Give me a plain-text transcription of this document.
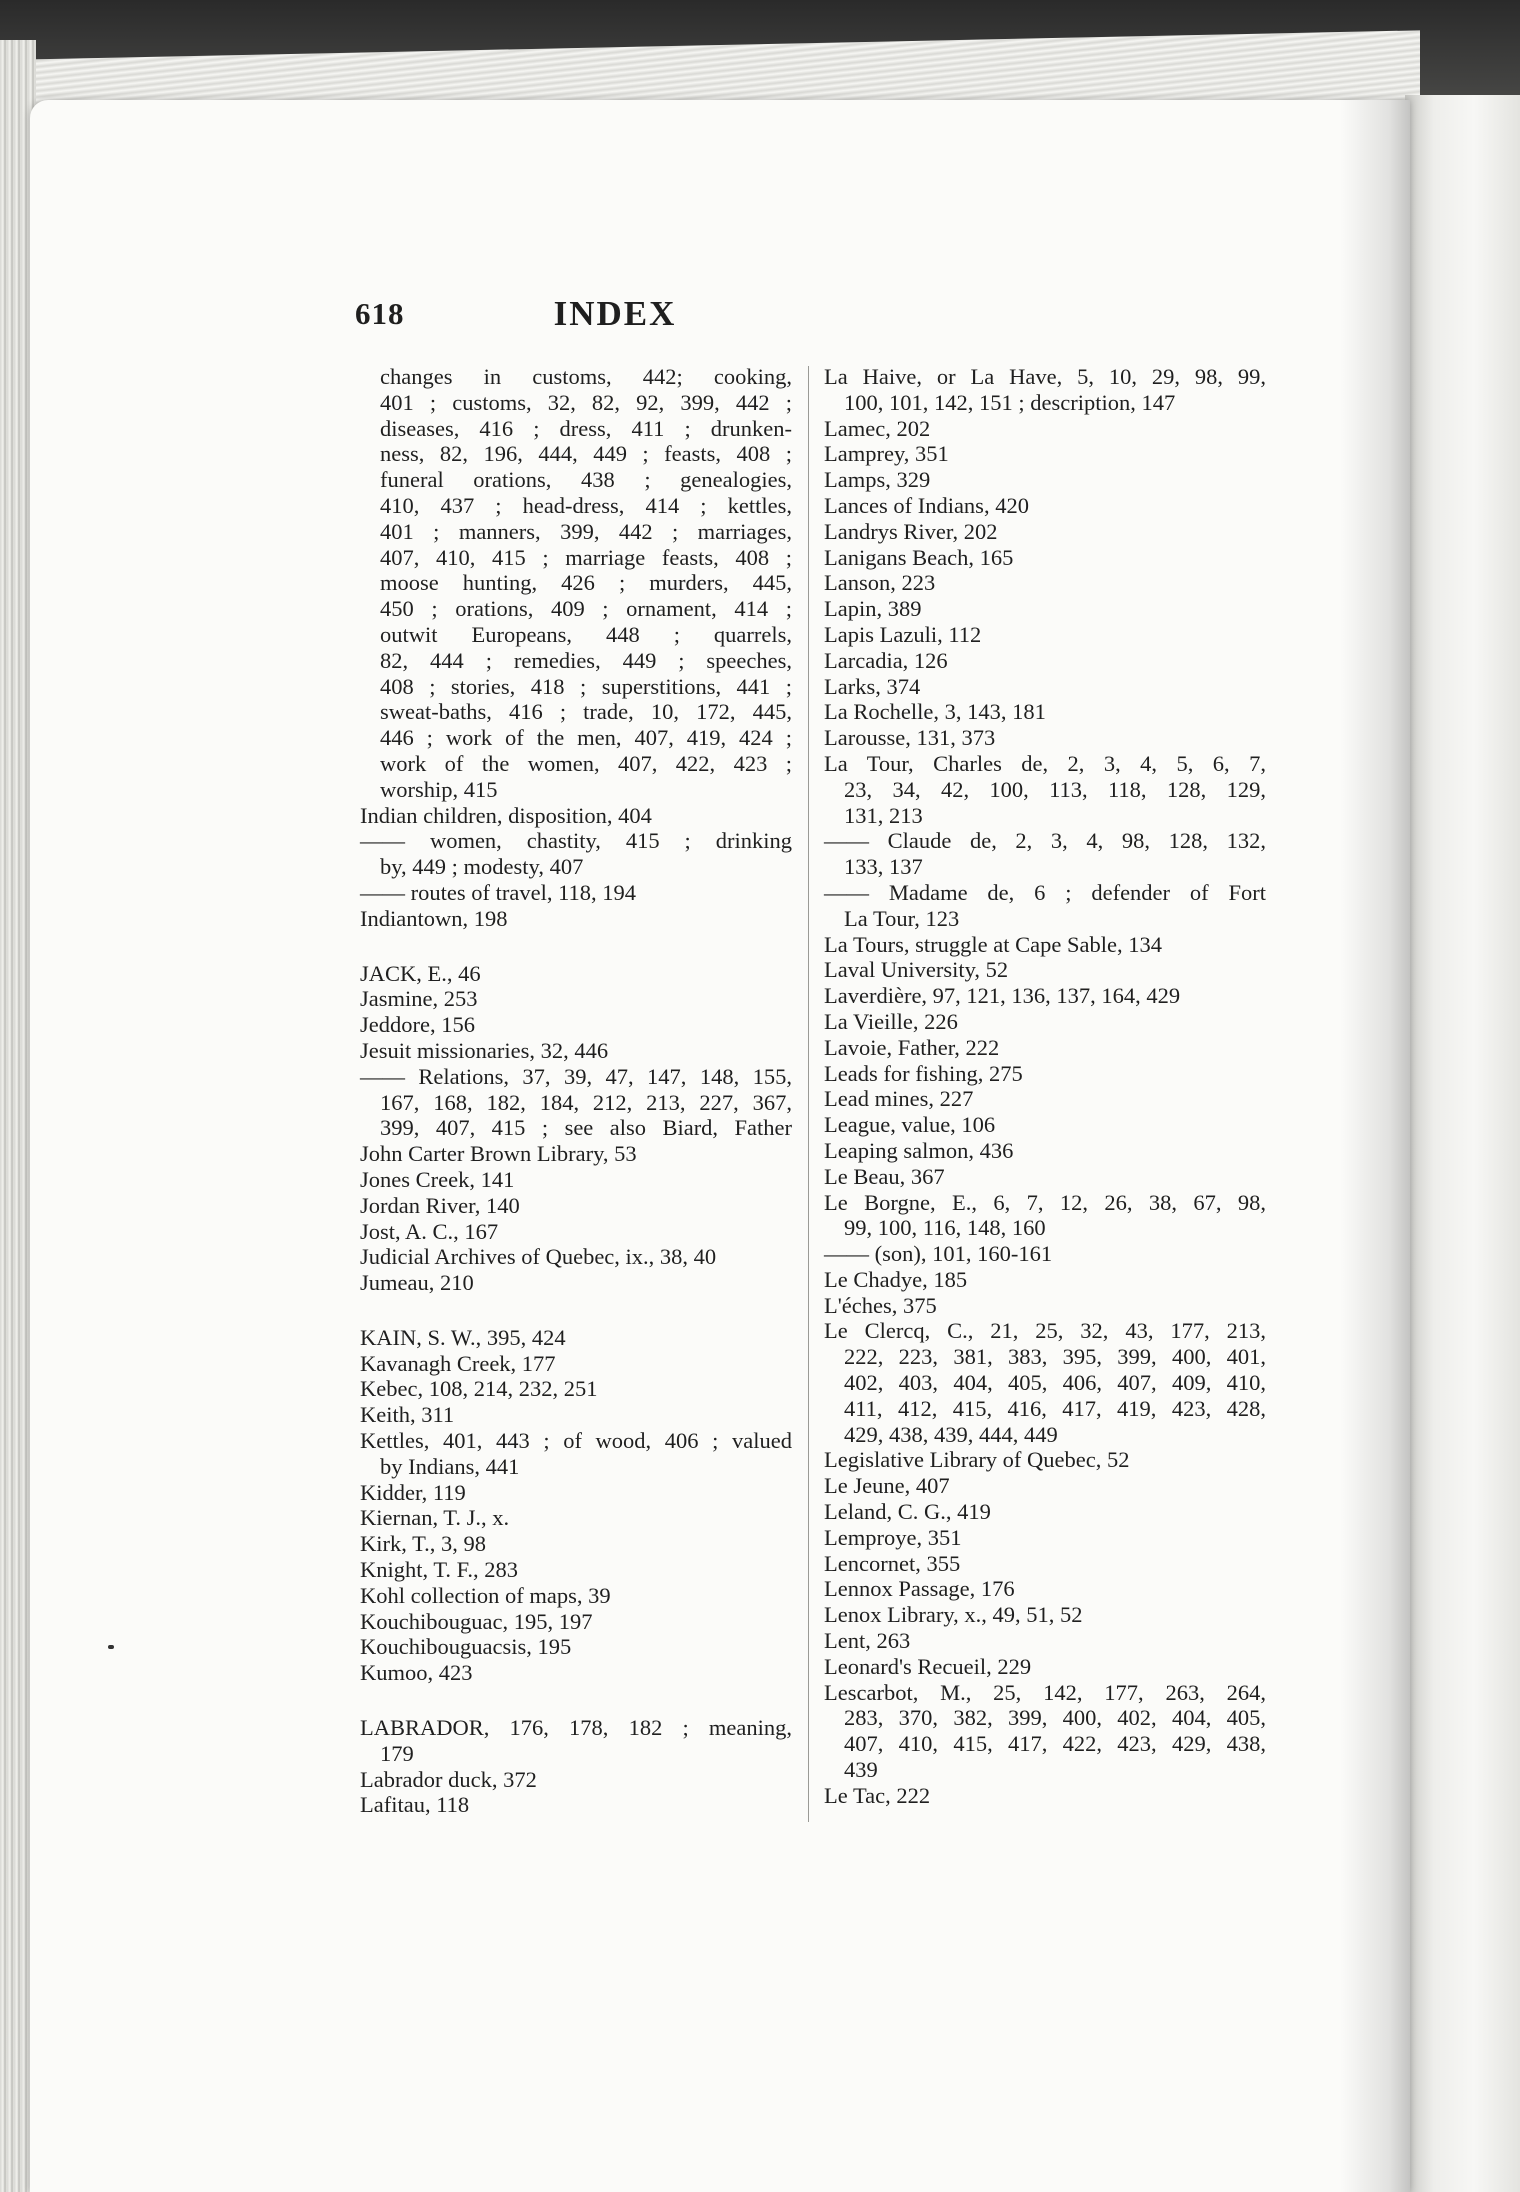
618	INDEX
changes in customs, 442; cooking,
401 ; customs, 32, 82, 92, 399, 442 ;
diseases, 416 ; dress, 411 ; drunken-
ness, 82, 196, 444, 449 ; feasts, 408 ;
funeral orations, 438 ; genealogies,
410, 437 ; head-dress, 414 ; kettles,
401 ; manners, 399, 442 ; marriages,
407, 410, 415 ; marriage feasts, 408 ;
moose hunting, 426 ; murders, 445,
450 ; orations, 409 ; ornament, 414 ;
outwit Europeans, 448 ; quarrels,
82, 444 ; remedies, 449 ; speeches,
408 ; stories, 418 ; superstitions, 441 ;
sweat-baths, 416 ; trade, 10, 172, 445,
446 ; work of the men, 407, 419, 424 ;
work of the women, 407, 422, 423 ;
worship, 415
Indian children, disposition, 404
—— women, chastity, 415 ; drinking
by, 449 ; modesty, 407
—— routes of travel, 118, 194
Indiantown, 198
JACK, E., 46
Jasmine, 253
Jeddore, 156
Jesuit missionaries, 32, 446
—— Relations, 37, 39, 47, 147, 148, 155,
167, 168, 182, 184, 212, 213, 227, 367,
399, 407, 415 ; see also Biard, Father
John Carter Brown Library, 53
Jones Creek, 141
Jordan River, 140
Jost, A. C., 167
Judicial Archives of Quebec, ix., 38, 40
Jumeau, 210
KAIN, S. W., 395, 424
Kavanagh Creek, 177
Kebec, 108, 214, 232, 251
Keith, 311
Kettles, 401, 443 ; of wood, 406 ; valued
by Indians, 441
Kidder, 119
Kiernan, T. J., x.
Kirk, T., 3, 98
Knight, T. F., 283
Kohl collection of maps, 39
Kouchibouguac, 195, 197
Kouchibouguacsis, 195
Kumoo, 423
LABRADOR, 176, 178, 182 ; meaning,
179
Labrador duck, 372
Lafitau, 118
La Haive, or La Have, 5, 10, 29, 98, 99,
100, 101, 142, 151 ; description, 147
Lamec, 202
Lamprey, 351
Lamps, 329
Lances of Indians, 420
Landrys River, 202
Lanigans Beach, 165
Lanson, 223
Lapin, 389
Lapis Lazuli, 112
Larcadia, 126
Larks, 374
La Rochelle, 3, 143, 181
Larousse, 131, 373
La Tour, Charles de, 2, 3, 4, 5, 6, 7,
23, 34, 42, 100, 113, 118, 128, 129,
131, 213
—— Claude de, 2, 3, 4, 98, 128, 132,
133, 137
—— Madame de, 6 ; defender of Fort
La Tour, 123
La Tours, struggle at Cape Sable, 134
Laval University, 52
Laverdière, 97, 121, 136, 137, 164, 429
La Vieille, 226
Lavoie, Father, 222
Leads for fishing, 275
Lead mines, 227
League, value, 106
Leaping salmon, 436
Le Beau, 367
Le Borgne, E., 6, 7, 12, 26, 38, 67, 98,
99, 100, 116, 148, 160
—— (son), 101, 160-161
Le Chadye, 185
L'éches, 375
Le Clercq, C., 21, 25, 32, 43, 177, 213,
222, 223, 381, 383, 395, 399, 400, 401,
402, 403, 404, 405, 406, 407, 409, 410,
411, 412, 415, 416, 417, 419, 423, 428,
429, 438, 439, 444, 449
Legislative Library of Quebec, 52
Le Jeune, 407
Leland, C. G., 419
Lemproye, 351
Lencornet, 355
Lennox Passage, 176
Lenox Library, x., 49, 51, 52
Lent, 263
Leonard's Recueil, 229
Lescarbot, M., 25, 142, 177, 263, 264,
283, 370, 382, 399, 400, 402, 404, 405,
407, 410, 415, 417, 422, 423, 429, 438,
439
Le Tac, 222
